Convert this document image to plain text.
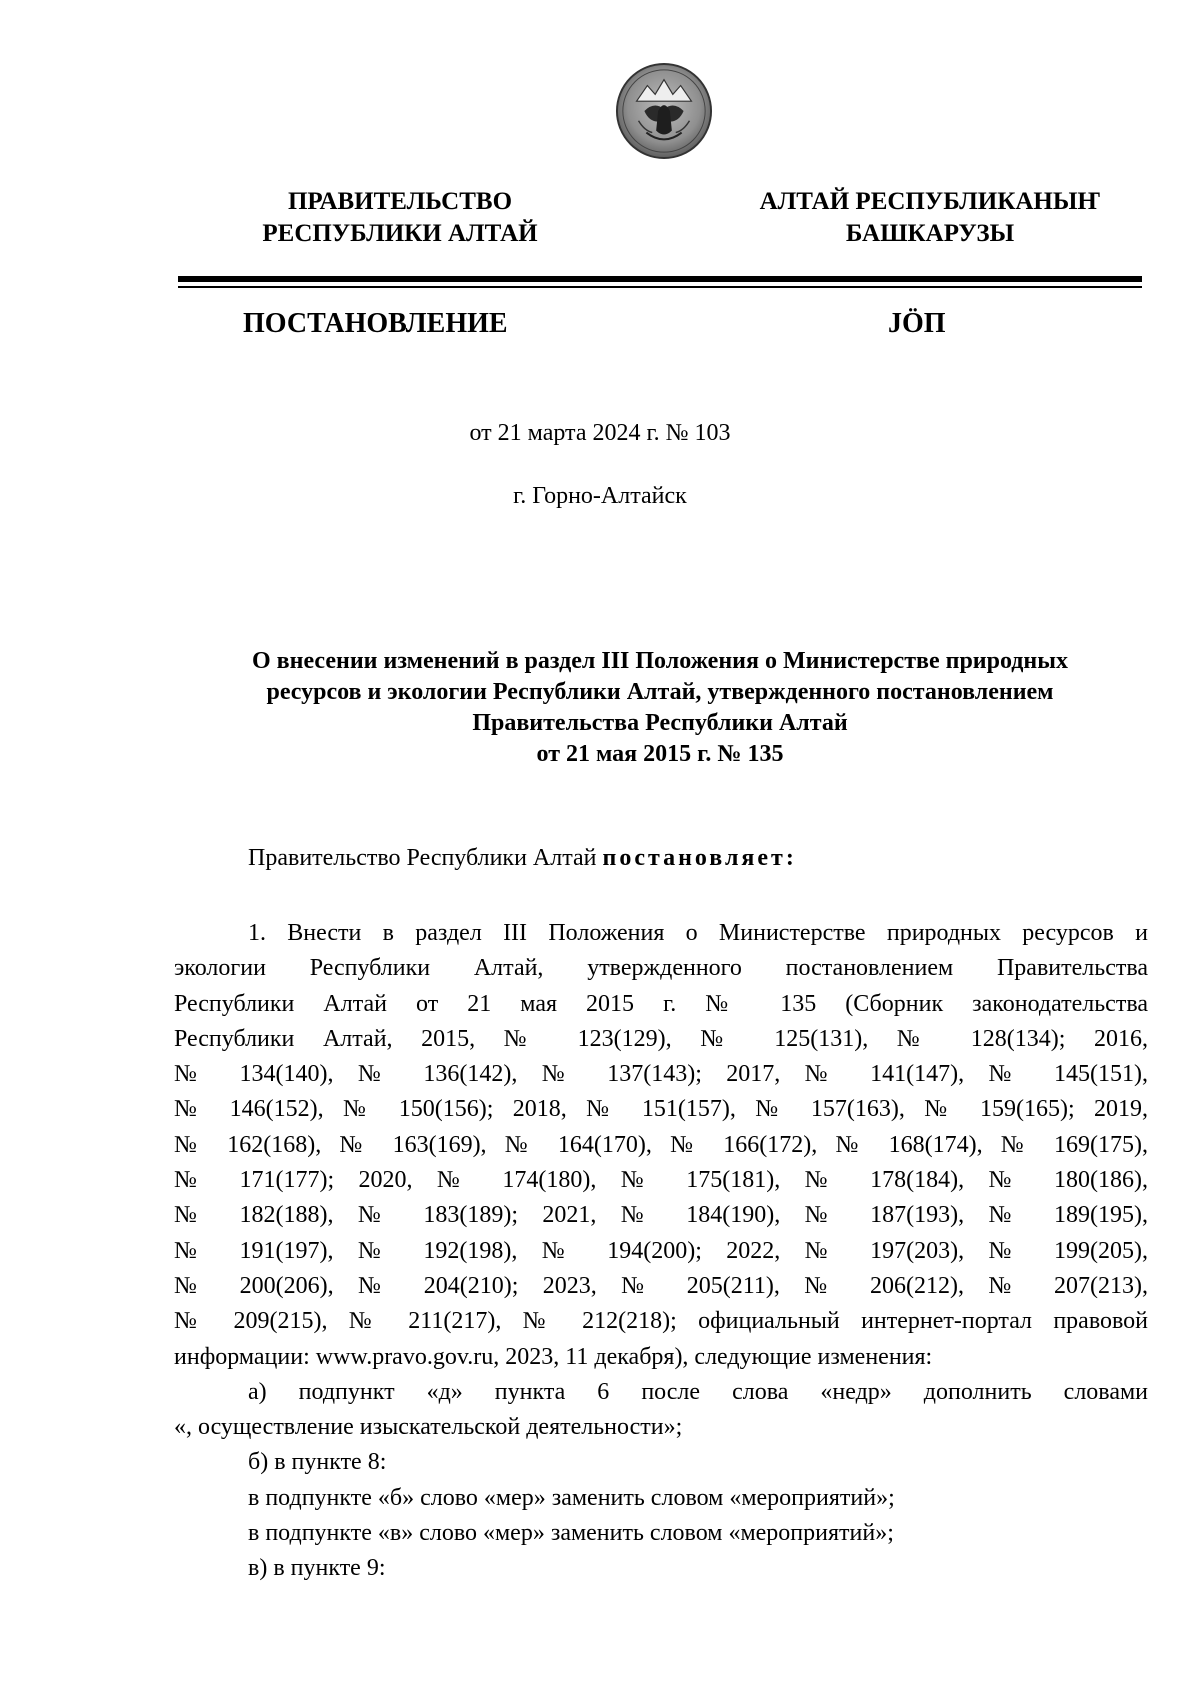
ПРАВИТЕЛЬСТВО
РЕСПУБЛИКИ АЛТАЙ
АЛТАЙ РЕСПУБЛИКАНЫҤ
БАШКАРУЗЫ
ПОСТАНОВЛЕНИЕ	JӦП
от 21 марта 2024 г. № 103
г. Горно-Алтайск
О внесении изменений в раздел III Положения о Министерстве природных
ресурсов и экологии Республики Алтай, утвержденного постановлением
Правительства Республики Алтай
от 21 мая 2015 г. № 135
Правительство Республики Алтай постановляет:
1. Внести в раздел III Положения о Министерстве природных ресурсов и
экологии Республики Алтай, утвержденного постановлением Правительства
Республики Алтай от 21 мая 2015 г. № 135 (Сборник законодательства
Республики Алтай, 2015, № 123(129), № 125(131), № 128(134); 2016,
№ 134(140), № 136(142), № 137(143); 2017, № 141(147), № 145(151),
№ 146(152), № 150(156); 2018, № 151(157), № 157(163), № 159(165); 2019,
№ 162(168), № 163(169), № 164(170), № 166(172), № 168(174), № 169(175),
№ 171(177); 2020, № 174(180), № 175(181), № 178(184), № 180(186),
№ 182(188), № 183(189); 2021, № 184(190), № 187(193), № 189(195),
№ 191(197), № 192(198), № 194(200); 2022, № 197(203), № 199(205),
№ 200(206), № 204(210); 2023, № 205(211), № 206(212), № 207(213),
№ 209(215), № 211(217), № 212(218); официальный интернет-портал правовой
информации: www.pravo.gov.ru, 2023, 11 декабря), следующие изменения:
а) подпункт «д» пункта 6 после слова «недр» дополнить словами
«, осуществление изыскательской деятельности»;
б) в пункте 8:
в подпункте «б» слово «мер» заменить словом «мероприятий»;
в подпункте «в» слово «мер» заменить словом «мероприятий»;
в) в пункте 9:
